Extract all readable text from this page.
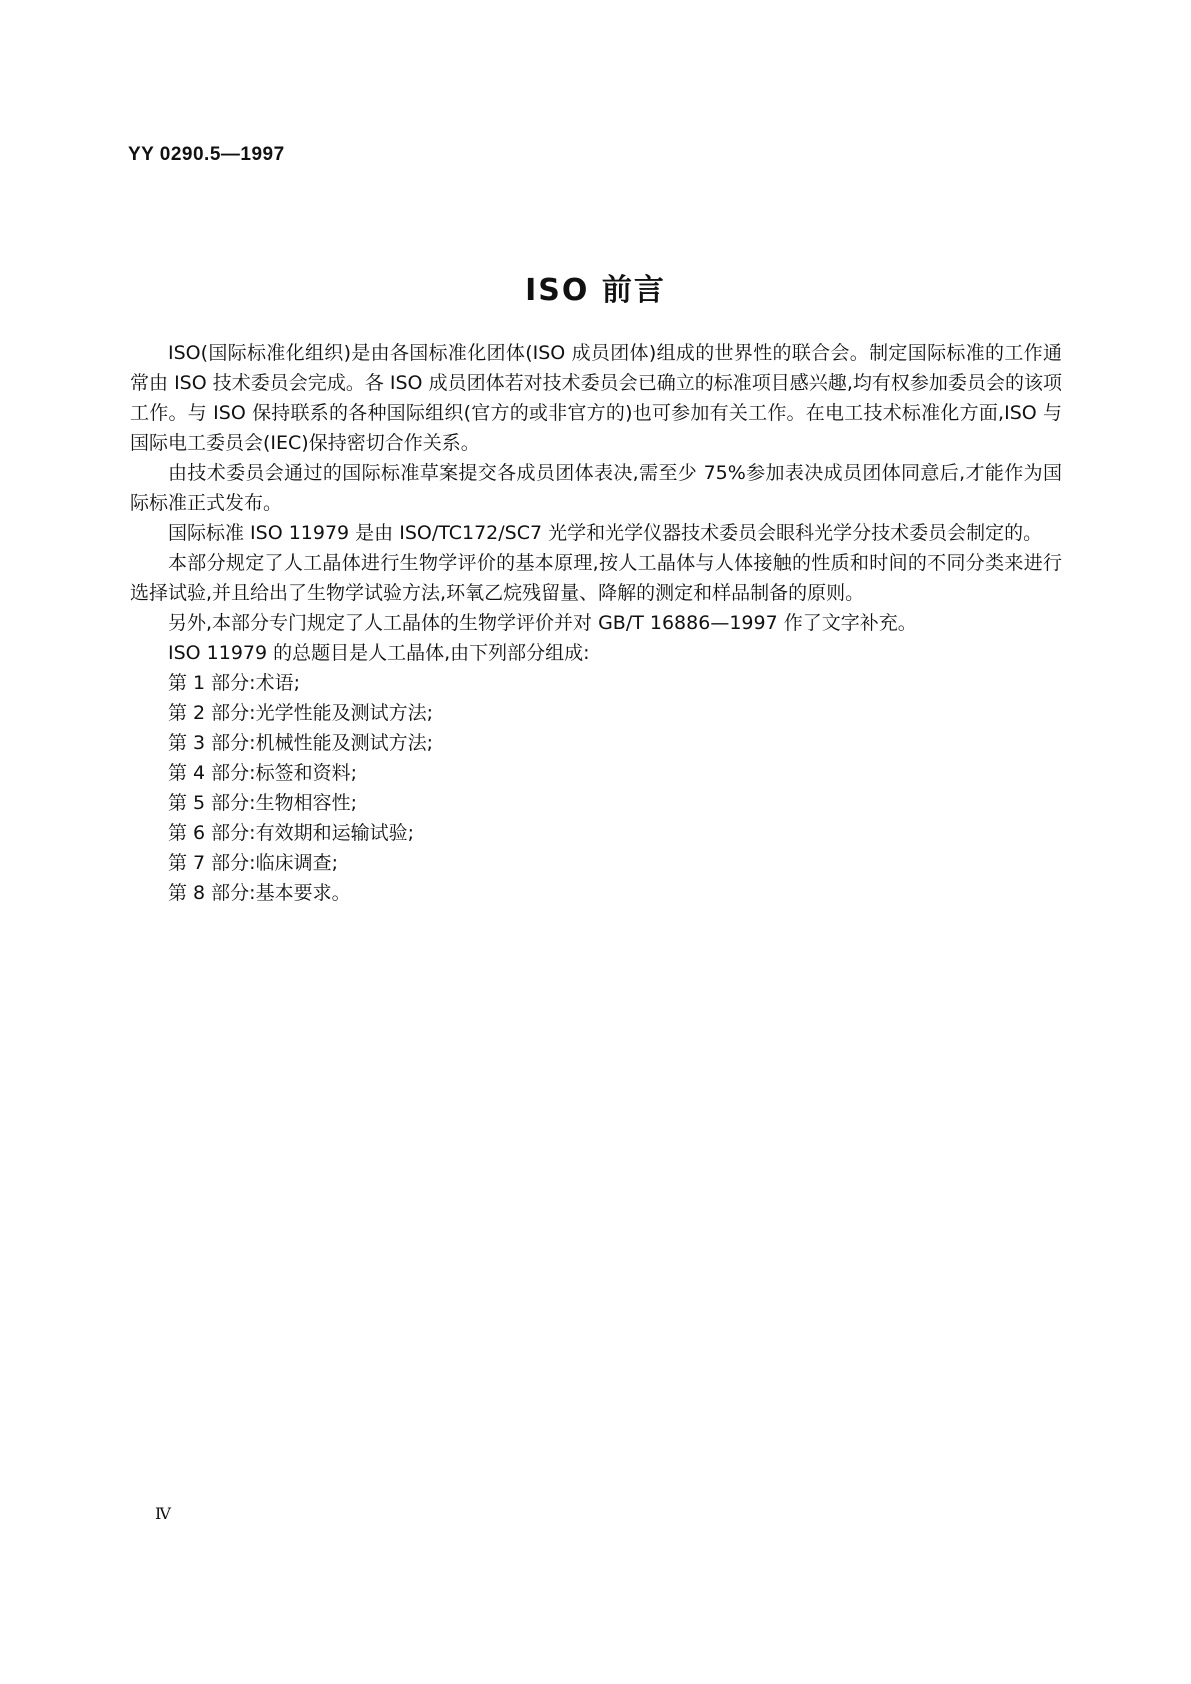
YY 0290.5—1997
ISO 前言

ISO(国际标准化组织)是由各国标准化团体(ISO 成员团体)组成的世界性的联合会。制定国际标准的工作通常由 ISO 技术委员会完成。各 ISO 成员团体若对技术委员会已确立的标准项目感兴趣,均有权参加委员会的该项工作。与 ISO 保持联系的各种国际组织(官方的或非官方的)也可参加有关工作。在电工技术标准化方面,ISO 与国际电工委员会(IEC)保持密切合作关系。

由技术委员会通过的国际标准草案提交各成员团体表决,需至少 75%参加表决成员团体同意后,才能作为国际标准正式发布。

国际标准 ISO 11979 是由 ISO/TC172/SC7 光学和光学仪器技术委员会眼科光学分技术委员会制定的。

本部分规定了人工晶体进行生物学评价的基本原理,按人工晶体与人体接触的性质和时间的不同分类来进行选择试验,并且给出了生物学试验方法,环氧乙烷残留量、降解的测定和样品制备的原则。

另外,本部分专门规定了人工晶体的生物学评价并对 GB/T 16886—1997 作了文字补充。

ISO 11979 的总题目是人工晶体,由下列部分组成:

第 1 部分:术语;
第 2 部分:光学性能及测试方法;
第 3 部分:机械性能及测试方法;
第 4 部分:标签和资料;
第 5 部分:生物相容性;
第 6 部分:有效期和运输试验;
第 7 部分:临床调查;
第 8 部分:基本要求。
Ⅳ
